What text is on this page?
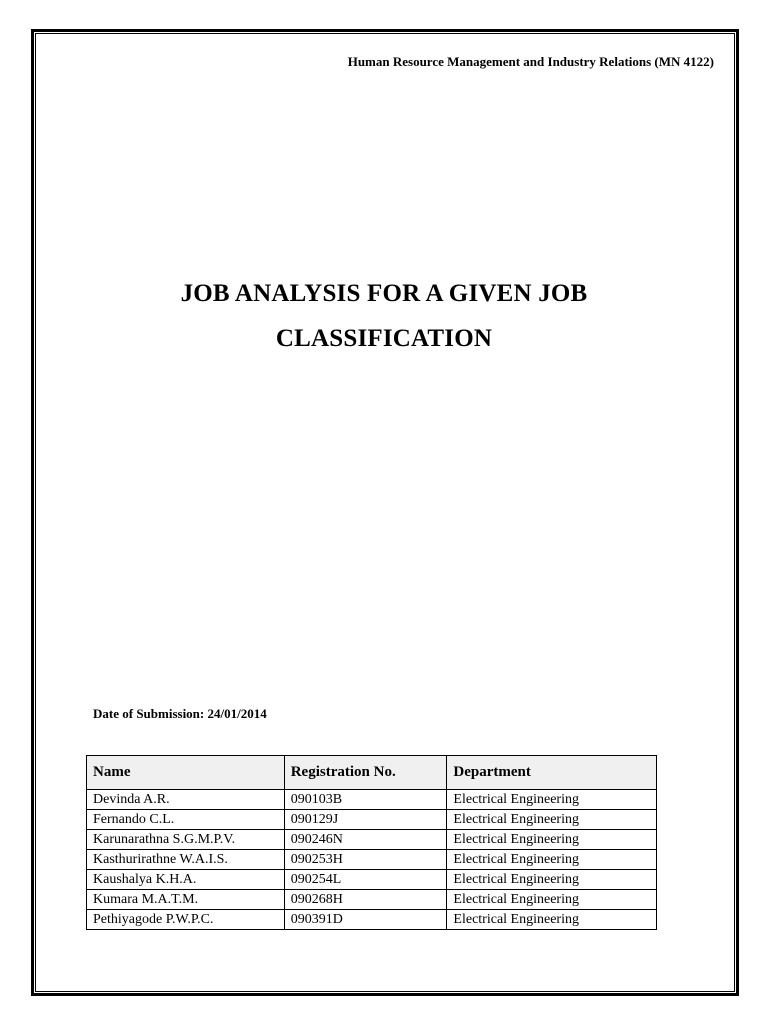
Human Resource Management and Industry Relations (MN 4122)
JOB ANALYSIS FOR A GIVEN JOB
CLASSIFICATION
Date of Submission: 24/01/2014
Name	Registration No.	Department
Devinda A.R.	090103B	Electrical Engineering
Fernando C.L.	090129J	Electrical Engineering
Karunarathna S.G.M.P.V.	090246N	Electrical Engineering
Kasthurirathne W.A.I.S.	090253H	Electrical Engineering
Kaushalya K.H.A.	090254L	Electrical Engineering
Kumara M.A.T.M.	090268H	Electrical Engineering
Pethiyagode P.W.P.C.	090391D	Electrical Engineering
